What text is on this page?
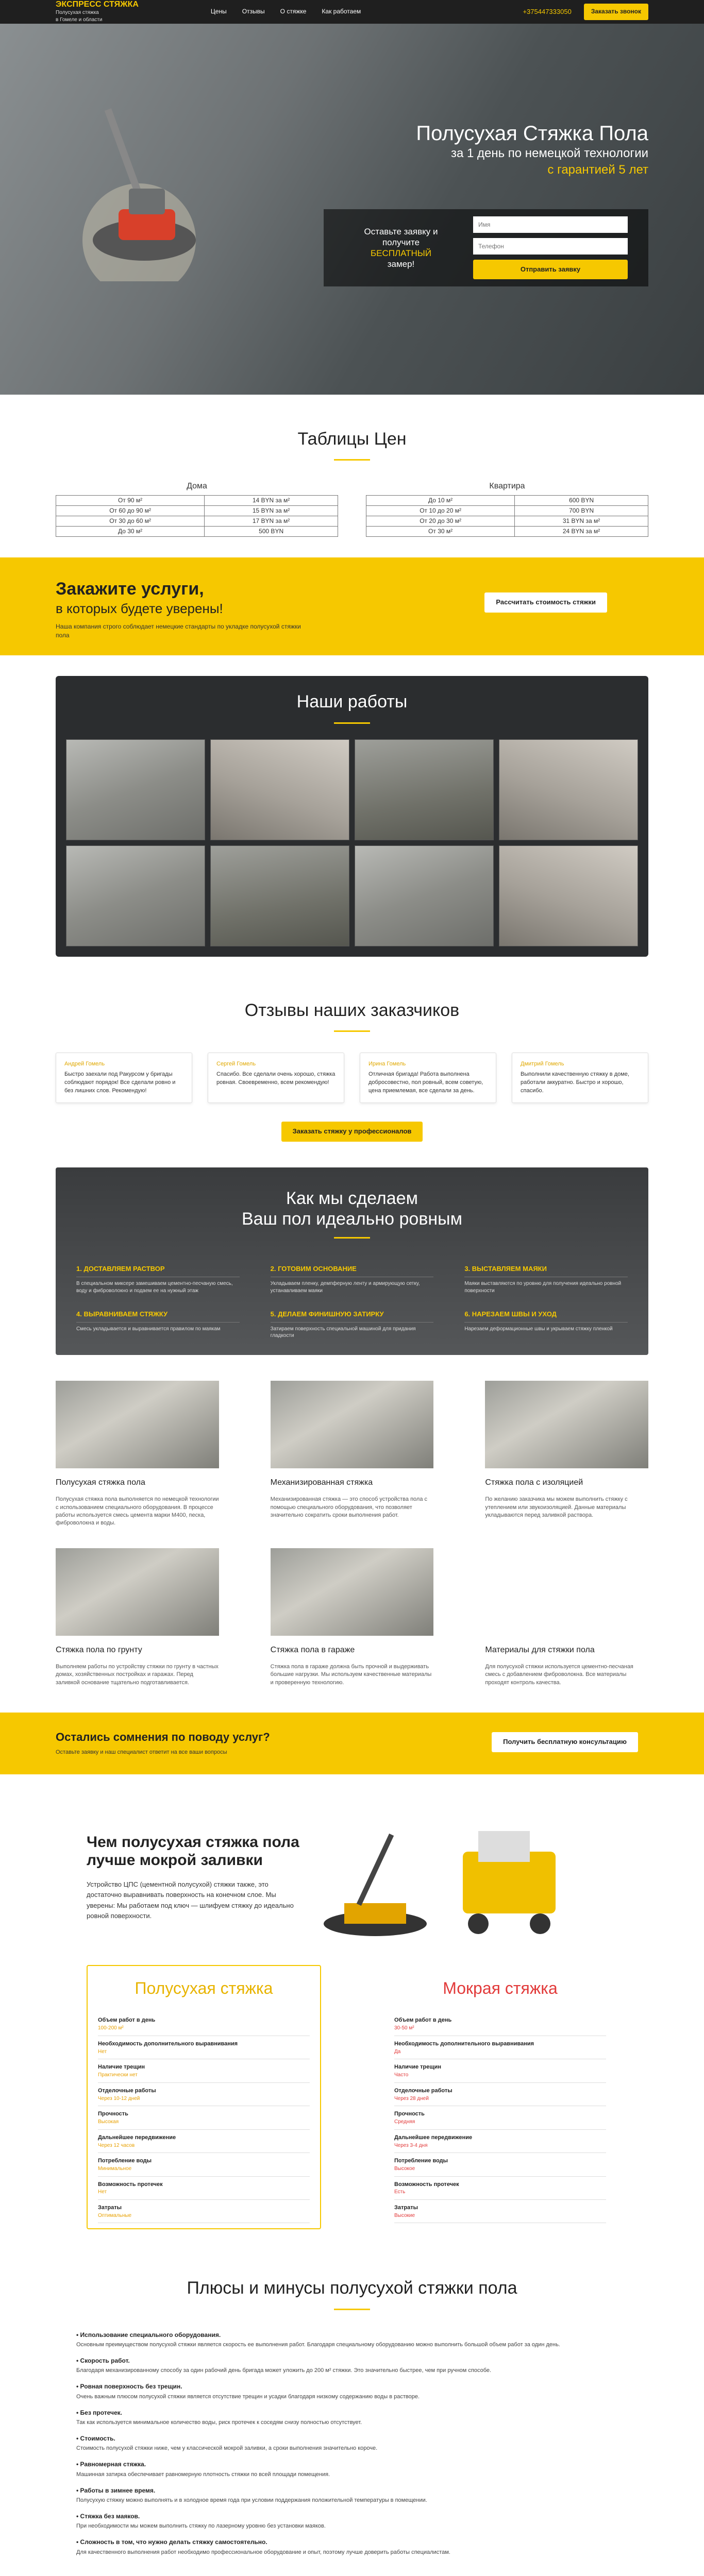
ЭКСПРЕСС СТЯЖКА
Полусухая стяжка
в Гомеле и области
Цены	Отзывы	О стяжке	Как работаем	+375447333050	Заказать звонок
Полусухая Стяжка Пола
за 1 день по немецкой технологии
с гарантией 5 лет
Оставьте заявку и
получите
БЕСПЛАТНЫЙ
замер!
Имя Телефон	Отправить заявку
Таблицы Цен
Дома
От 90 м²	14 BYN за м²
От 60 до 90 м²	15 BYN за м²
От 30 до 60 м²	17 BYN за м²
До 30 м²	500 BYN
Квартира
До 10 м²	600 BYN
От 10 до 20 м²	700 BYN
От 20 до 30 м²	31 BYN за м²
От 30 м²	24 BYN за м²
Закажите услуги,
в которых будете уверены!

Наша компания строго соблюдает немецкие стандарты по укладке полусухой стяжки пола

Рассчитать стоимость стяжки
Наши работы
Отзывы наших заказчиков
Андрей Гомель
Быстро заехали под Ракурсом у бригады соблюдают порядок! Все сделали ровно и без лишних слов. Рекомендую!
Сергей Гомель
Спасибо. Все сделали очень хорошо, стяжка ровная. Своевременно, всем рекомендую!
Ирина Гомель
Отличная бригада! Работа выполнена добросовестно, пол ровный, всем советую, цена приемлемая, все сделали за день.
Дмитрий Гомель
Выполнили качественную стяжку в доме, работали аккуратно. Быстро и хорошо, спасибо.
Заказать стяжку у профессионалов
Как мы сделаем
Ваш пол идеально ровным
1. ДОСТАВЛЯЕМ РАСТВОР

В специальном миксере замешиваем цементно-песчаную смесь, воду и фиброволокно и подаем ее на нужный этаж

2. ГОТОВИМ ОСНОВАНИЕ

Укладываем пленку, демпферную ленту и армирующую сетку, устанавливаем маяки

3. ВЫСТАВЛЯЕМ МАЯКИ

Маяки выставляются по уровню для получения идеально ровной поверхности

4. ВЫРАВНИВАЕМ СТЯЖКУ

Смесь укладывается и выравнивается правилом по маякам

5. ДЕЛАЕМ ФИНИШНУЮ ЗАТИРКУ

Затираем поверхность специальной машиной для придания гладкости

6. НАРЕЗАЕМ ШВЫ И УХОД

Нарезаем деформационные швы и укрываем стяжку пленкой

Полусухая стяжка пола

Полусухая стяжка пола выполняется по немецкой технологии с использованием специального оборудования. В процессе работы используется смесь цемента марки М400, песка, фиброволокна и воды.

Механизированная стяжка

Механизированная стяжка — это способ устройства пола с помощью специального оборудования, что позволяет значительно сократить сроки выполнения работ.

Стяжка пола с изоляцией

По желанию заказчика мы можем выполнить стяжку с утеплением или звукоизоляцией. Данные материалы укладываются перед заливкой раствора.

Стяжка пола по грунту

Выполняем работы по устройству стяжки по грунту в частных домах, хозяйственных постройках и гаражах. Перед заливкой основание тщательно подготавливается.

Стяжка пола в гараже

Стяжка пола в гараже должна быть прочной и выдерживать большие нагрузки. Мы используем качественные материалы и проверенную технологию.

Материалы для стяжки пола

Для полусухой стяжки используется цементно-песчаная смесь с добавлением фиброволокна. Все материалы проходят контроль качества.

Остались сомнения по поводу услуг?

Оставьте заявку и наш специалист ответит на все ваши вопросы

Получить бесплатную консультацию
Чем полусухая стяжка пола лучше мокрой заливки

Устройство ЦПС (цементной полусухой) стяжки также, это достаточно выравнивать поверхность на конечном слое. Мы уверены: Мы работаем под ключ — шлифуем стяжку до идеально ровной поверхности.

Полусухая стяжка
Объем работ в день
100-200 м²
Необходимость дополнительного выравнивания
Нет
Наличие трещин
Практически нет
Отделочные работы
Через 10-12 дней
Прочность
Высокая
Дальнейшее передвижение
Через 12 часов
Потребление воды
Минимальное
Возможность протечек
Нет
Затраты
Оптимальные
Мокрая стяжка
Объем работ в день
30-50 м²
Необходимость дополнительного выравнивания
Да
Наличие трещин
Часто
Отделочные работы
Через 28 дней
Прочность
Средняя
Дальнейшее передвижение
Через 3-4 дня
Потребление воды
Высокое
Возможность протечек
Есть
Затраты
Высокие
Плюсы и минусы полусухой стяжки пола
• Использование специального оборудования.
Основным преимуществом полусухой стяжки является скорость ее выполнения работ. Благодаря специальному оборудованию можно выполнить большой объем работ за один день.
• Скорость работ.
Благодаря механизированному способу за один рабочий день бригада может уложить до 200 м² стяжки. Это значительно быстрее, чем при ручном способе.
• Ровная поверхность без трещин.
Очень важным плюсом полусухой стяжки является отсутствие трещин и усадки благодаря низкому содержанию воды в растворе.
• Без протечек.
Так как используется минимальное количество воды, риск протечек к соседям снизу полностью отсутствует.
• Стоимость.
Стоимость полусухой стяжки ниже, чем у классической мокрой заливки, а сроки выполнения значительно короче.
• Равномерная стяжка.
Машинная затирка обеспечивает равномерную плотность стяжки по всей площади помещения.
• Работы в зимнее время.
Полусухую стяжку можно выполнять и в холодное время года при условии поддержания положительной температуры в помещении.
• Стяжка без маяков.
При необходимости мы можем выполнить стяжку по лазерному уровню без установки маяков.
• Сложность в том, что нужно делать стяжку самостоятельно.
Для качественного выполнения работ необходимо профессиональное оборудование и опыт, поэтому лучше доверить работы специалистам.
